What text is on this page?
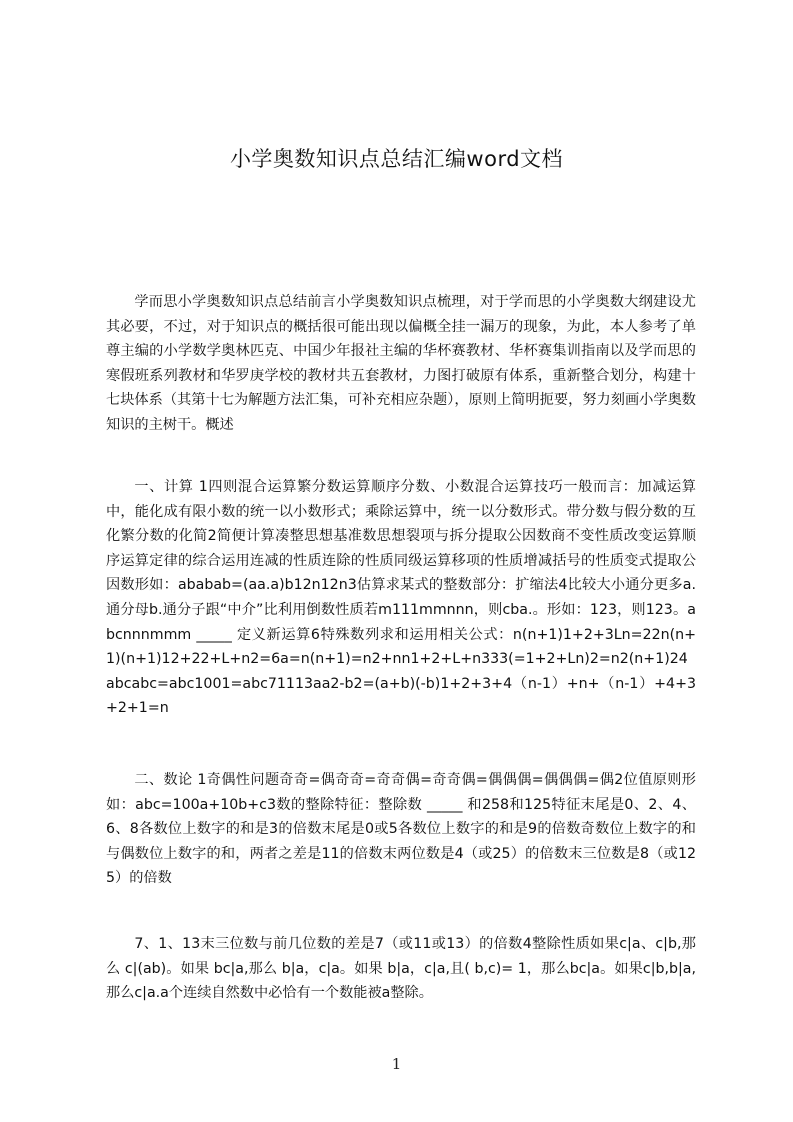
小学奥数知识点总结汇编word文档

学而思小学奥数知识点总结前言小学奥数知识点梳理，对于学而思的小学奥数大纲建设尤其必要，不过，对于知识点的概括很可能出现以偏概全挂一漏万的现象，为此，本人参考了单尊主编的小学数学奥林匹克、中国少年报社主编的华杯赛教材、华杯赛集训指南以及学而思的寒假班系列教材和华罗庚学校的教材共五套教材，力图打破原有体系，重新整合划分，构建十七块体系（其第十七为解题方法汇集，可补充相应杂题），原则上简明扼要，努力刻画小学奥数知识的主树干。概述

一、计算 1四则混合运算繁分数运算顺序分数、小数混合运算技巧一般而言：加减运算中，能化成有限小数的统一以小数形式；乘除运算中，统一以分数形式。带分数与假分数的互化繁分数的化简2简便计算凑整思想基准数思想裂项与拆分提取公因数商不变性质改变运算顺序运算定律的综合运用连减的性质连除的性质同级运算移项的性质增减括号的性质变式提取公因数形如：ababab=(aa.a)b12n12n3估算求某式的整数部分：扩缩法4比较大小通分更多a.通分母b.通分子跟“中介”比利用倒数性质若m111mmnnn，则cba.。形如：123，则123。abcnnnmmm _____ 定义新运算6特殊数列求和运用相关公式：n(n+1)1+2+3Ln=22n(n+1)(n+1)12+22+L+n2=6a=n(n+1)=n2+nn1+2+L+n333(=1+2+Ln)2=n2(n+1)24abcabc=abc1001=abc71113aa2-b2=(a+b)(-b)1+2+3+4（n-1）+n+（n-1）+4+3+2+1=n

二、数论 1奇偶性问题奇奇=偶奇奇=奇奇偶=奇奇偶=偶偶偶=偶偶偶=偶2位值原则形如：abc=100a+10b+c3数的整除特征：整除数 _____ 和258和125特征末尾是0、2、4、6、8各数位上数字的和是3的倍数末尾是0或5各数位上数字的和是9的倍数奇数位上数字的和与偶数位上数字的和，两者之差是11的倍数末两位数是4（或25）的倍数末三位数是8（或125）的倍数

7、1、13末三位数与前几位数的差是7（或11或13）的倍数4整除性质如果c|a、c|b,那么 c|(ab)。如果 bc|a,那么 b|a，c|a。如果 b|a，c|a,且( b,c)= 1，那么bc|a。如果c|b,b|a,那么c|a.a个连续自然数中必恰有一个数能被a整除。

1
